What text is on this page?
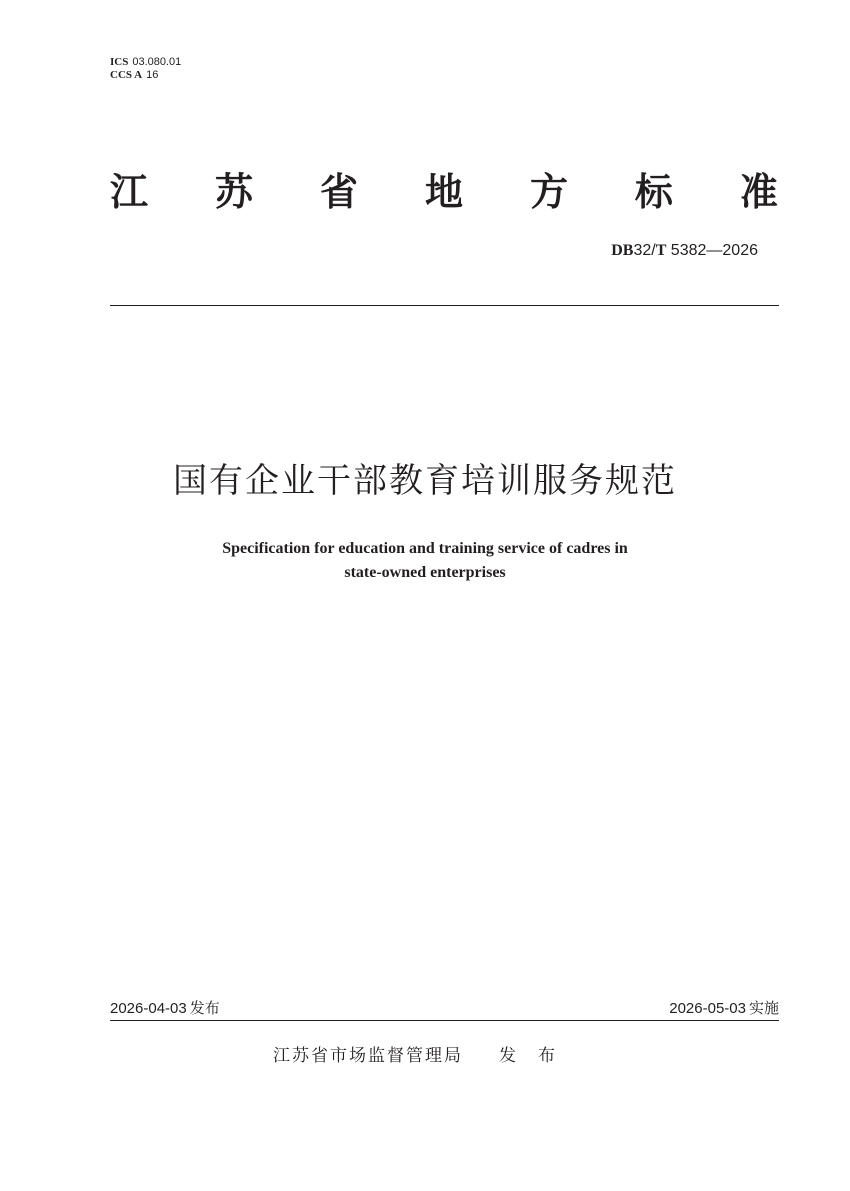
ICS 03.080.01
CCS A 16
江 苏 省 地 方 标 准
DB32/T 5382—2026
国有企业干部教育培训服务规范
Specification for education and training service of cadres in
state-owned enterprises
2026-04-03 发布	2026-05-03 实施
江苏省市场监督管理局 发布
